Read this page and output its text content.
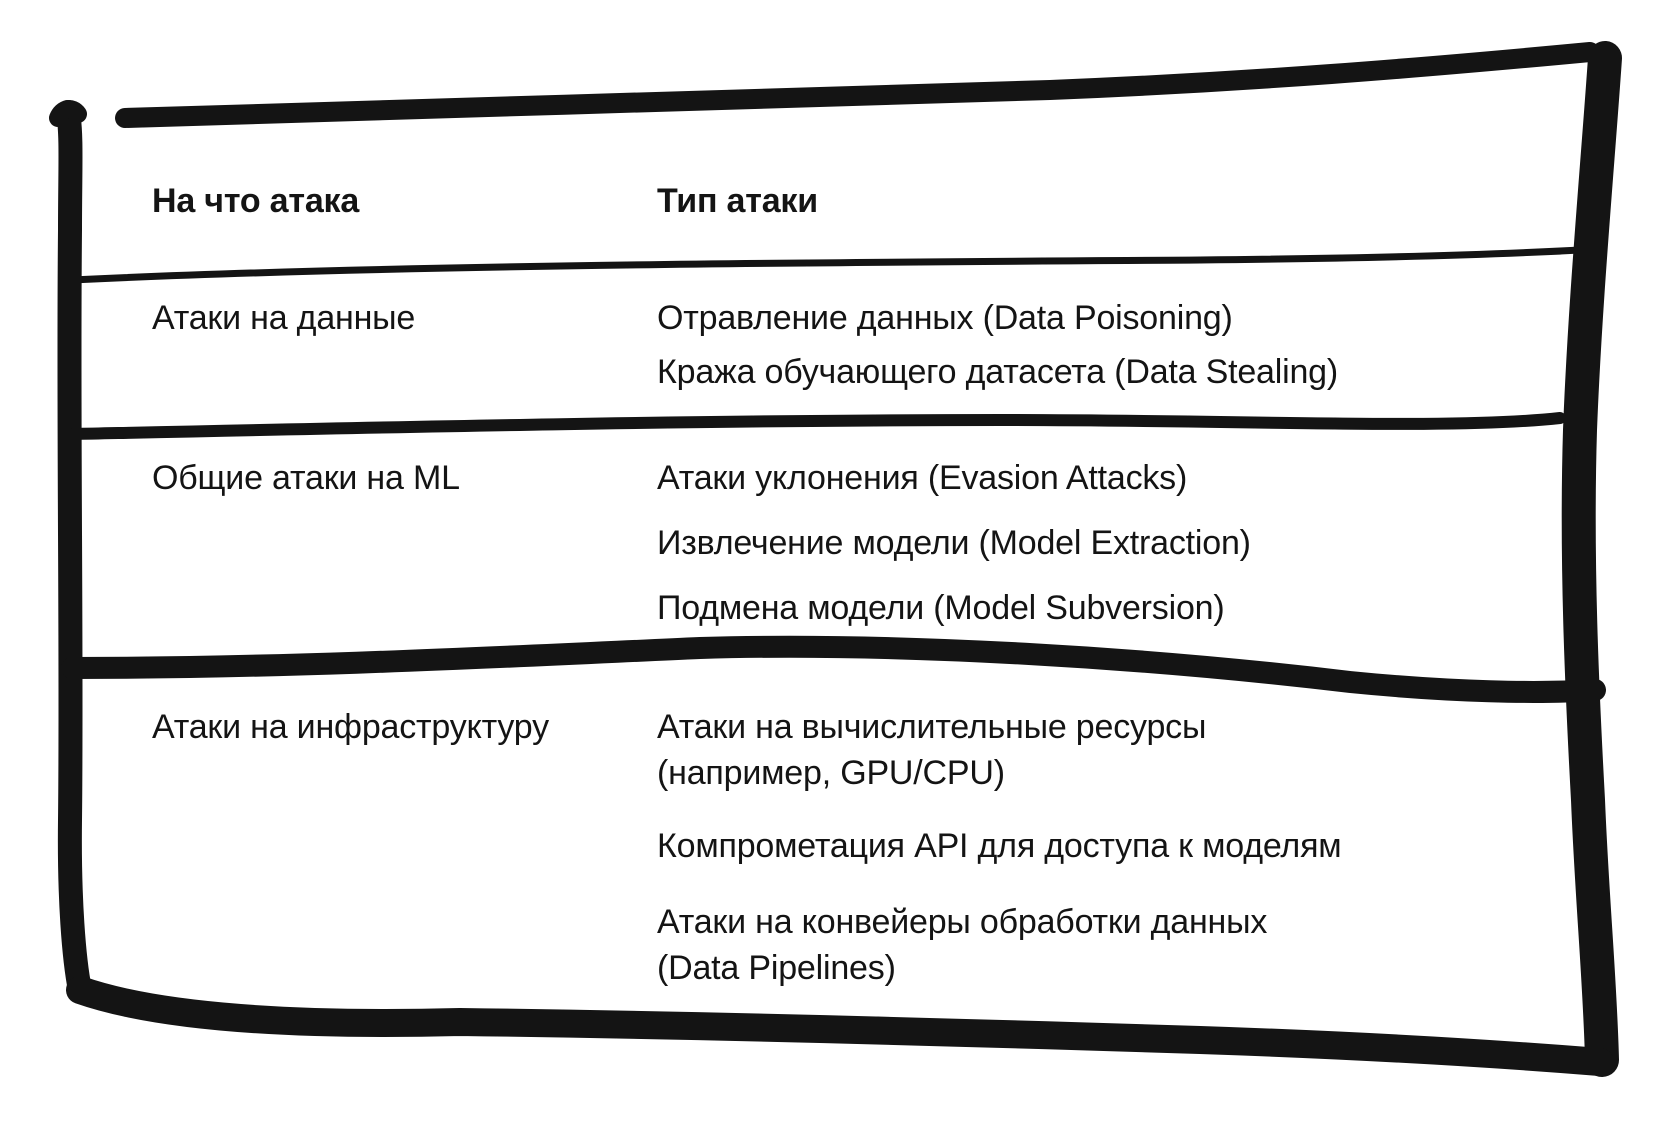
На что атака	Тип атаки
Атаки на данные	Отравление данных (Data Poisoning)
Кража обучающего датасета (Data Stealing)
Общие атаки на ML	Атаки уклонения (Evasion Attacks)
Извлечение модели (Model Extraction)
Подмена модели (Model Subversion)
Атаки на инфраструктуру	Атаки на вычислительные ресурсы
(например, GPU/CPU)
Компрометация API для доступа к моделям
Атаки на конвейеры обработки данных
(Data Pipelines)
